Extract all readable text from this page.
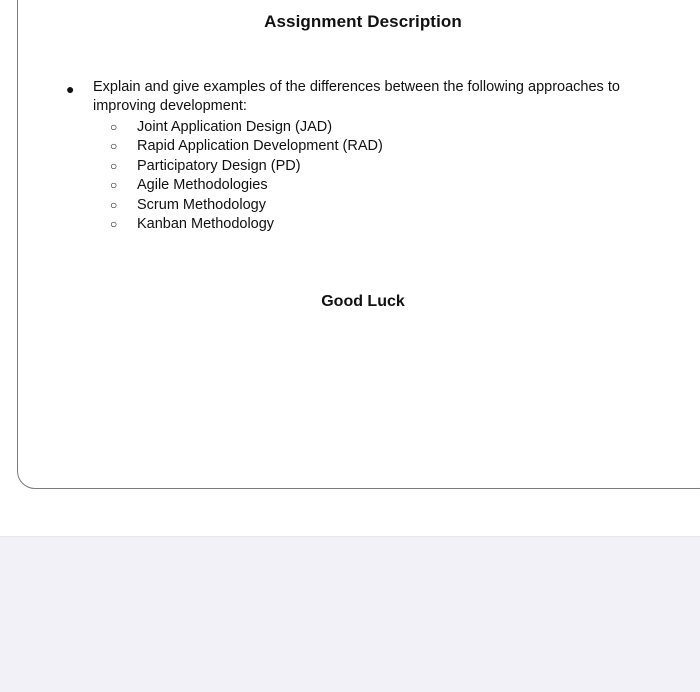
Assignment Description
● Explain and give examples of the differences between the following approaches to improving development:
○ Joint Application Design (JAD)
○ Rapid Application Development (RAD)
○ Participatory Design (PD)
○ Agile Methodologies
○ Scrum Methodology
○ Kanban Methodology
Good Luck
